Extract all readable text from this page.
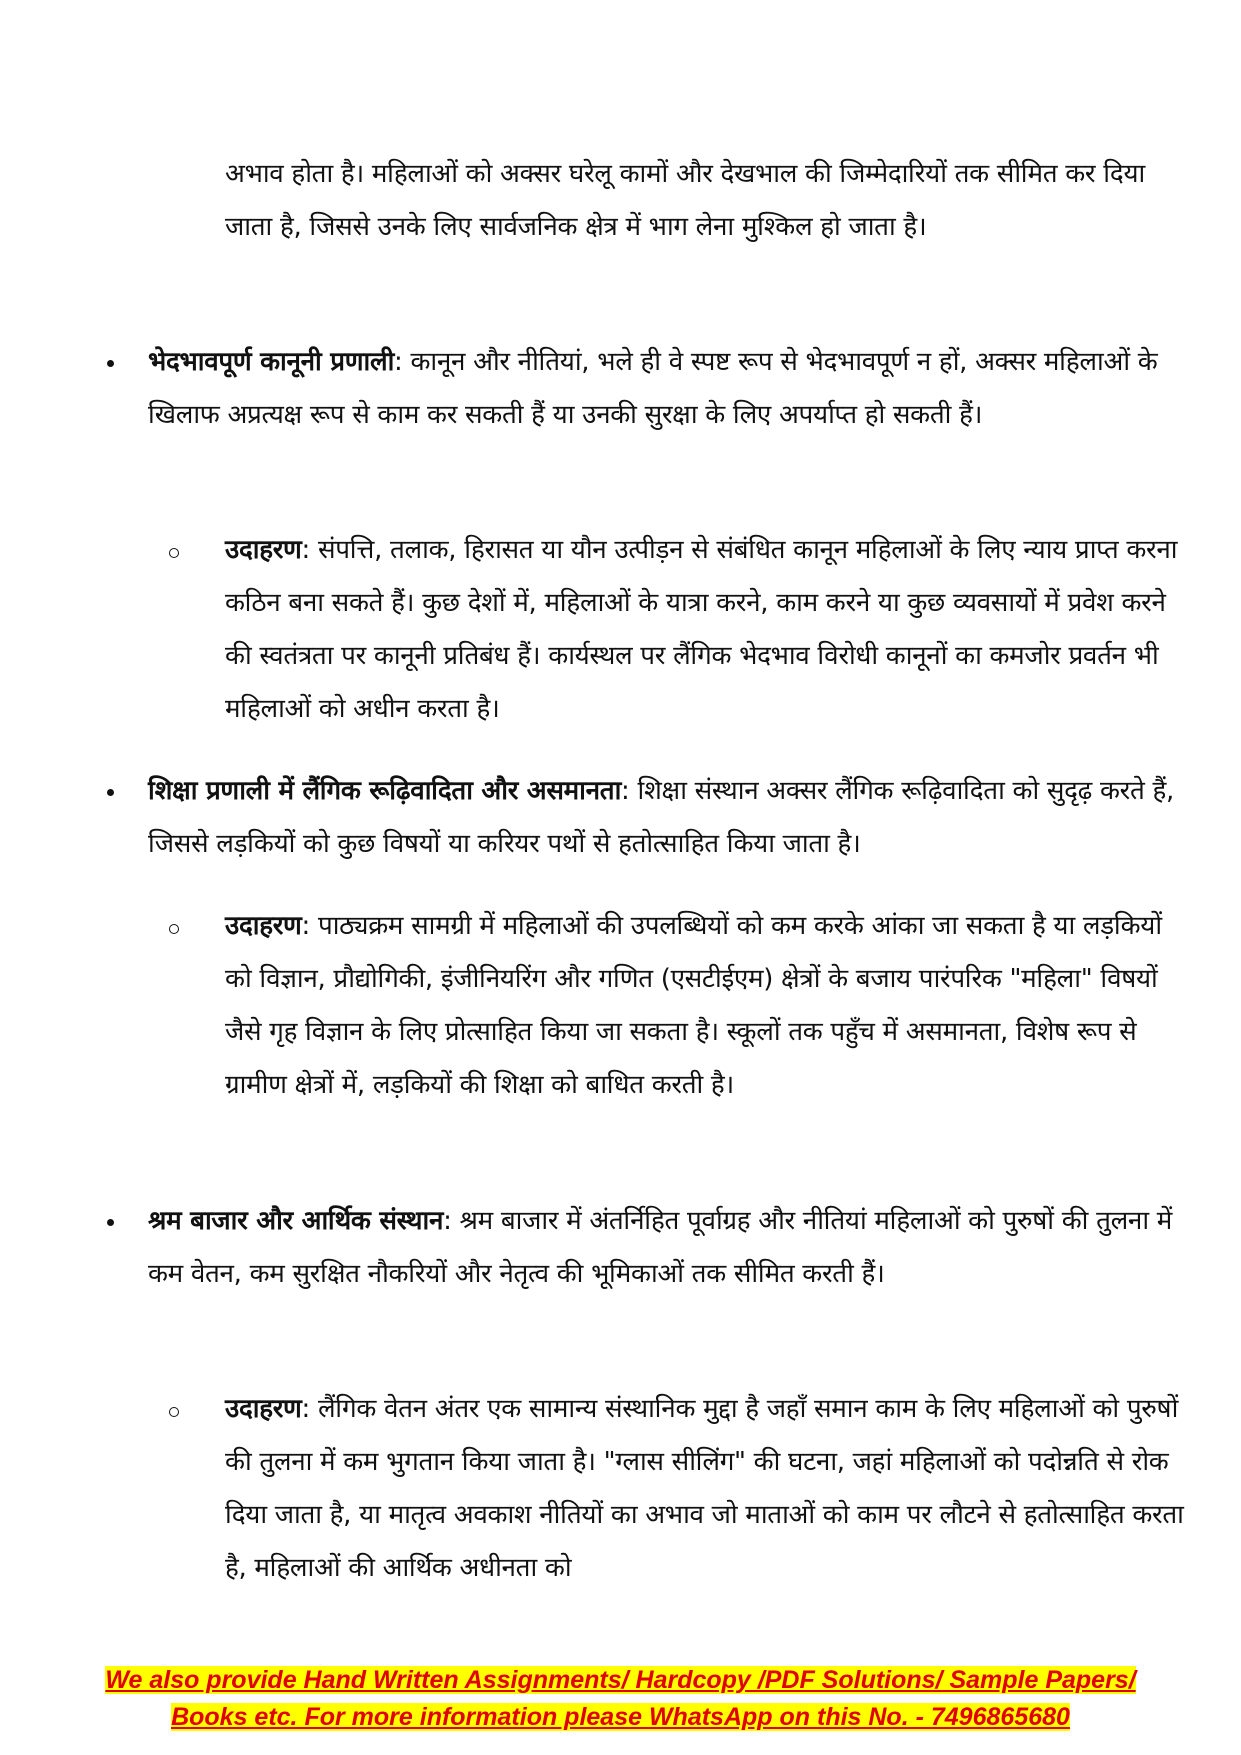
अभाव होता है। महिलाओं को अक्सर घरेलू कामों और देखभाल की जिम्मेदारियों तक सीमित कर दिया जाता है, जिससे उनके लिए सार्वजनिक क्षेत्र में भाग लेना मुश्किल हो जाता है।
भेदभावपूर्ण कानूनी प्रणाली: कानून और नीतियां, भले ही वे स्पष्ट रूप से भेदभावपूर्ण न हों, अक्सर महिलाओं के खिलाफ अप्रत्यक्ष रूप से काम कर सकती हैं या उनकी सुरक्षा के लिए अपर्याप्त हो सकती हैं।
उदाहरण: संपत्ति, तलाक, हिरासत या यौन उत्पीड़न से संबंधित कानून महिलाओं के लिए न्याय प्राप्त करना कठिन बना सकते हैं। कुछ देशों में, महिलाओं के यात्रा करने, काम करने या कुछ व्यवसायों में प्रवेश करने की स्वतंत्रता पर कानूनी प्रतिबंध हैं। कार्यस्थल पर लैंगिक भेदभाव विरोधी कानूनों का कमजोर प्रवर्तन भी महिलाओं को अधीन करता है।
शिक्षा प्रणाली में लैंगिक रूढ़िवादिता और असमानता: शिक्षा संस्थान अक्सर लैंगिक रूढ़िवादिता को सुदृढ़ करते हैं, जिससे लड़कियों को कुछ विषयों या करियर पथों से हतोत्साहित किया जाता है।
उदाहरण: पाठ्यक्रम सामग्री में महिलाओं की उपलब्धियों को कम करके आंका जा सकता है या लड़कियों को विज्ञान, प्रौद्योगिकी, इंजीनियरिंग और गणित (एसटीईएम) क्षेत्रों के बजाय पारंपरिक "महिला" विषयों जैसे गृह विज्ञान के लिए प्रोत्साहित किया जा सकता है। स्कूलों तक पहुँच में असमानता, विशेष रूप से ग्रामीण क्षेत्रों में, लड़कियों की शिक्षा को बाधित करती है।
श्रम बाजार और आर्थिक संस्थान: श्रम बाजार में अंतर्निहित पूर्वाग्रह और नीतियां महिलाओं को पुरुषों की तुलना में कम वेतन, कम सुरक्षित नौकरियों और नेतृत्व की भूमिकाओं तक सीमित करती हैं।
उदाहरण: लैंगिक वेतन अंतर एक सामान्य संस्थानिक मुद्दा है जहाँ समान काम के लिए महिलाओं को पुरुषों की तुलना में कम भुगतान किया जाता है। "ग्लास सीलिंग" की घटना, जहां महिलाओं को पदोन्नति से रोक दिया जाता है, या मातृत्व अवकाश नीतियों का अभाव जो माताओं को काम पर लौटने से हतोत्साहित करता है, महिलाओं की आर्थिक अधीनता को
We also provide Hand Written Assignments/ Hardcopy /PDF Solutions/ Sample Papers/
Books etc. For more information please WhatsApp on this No. - 7496865680
